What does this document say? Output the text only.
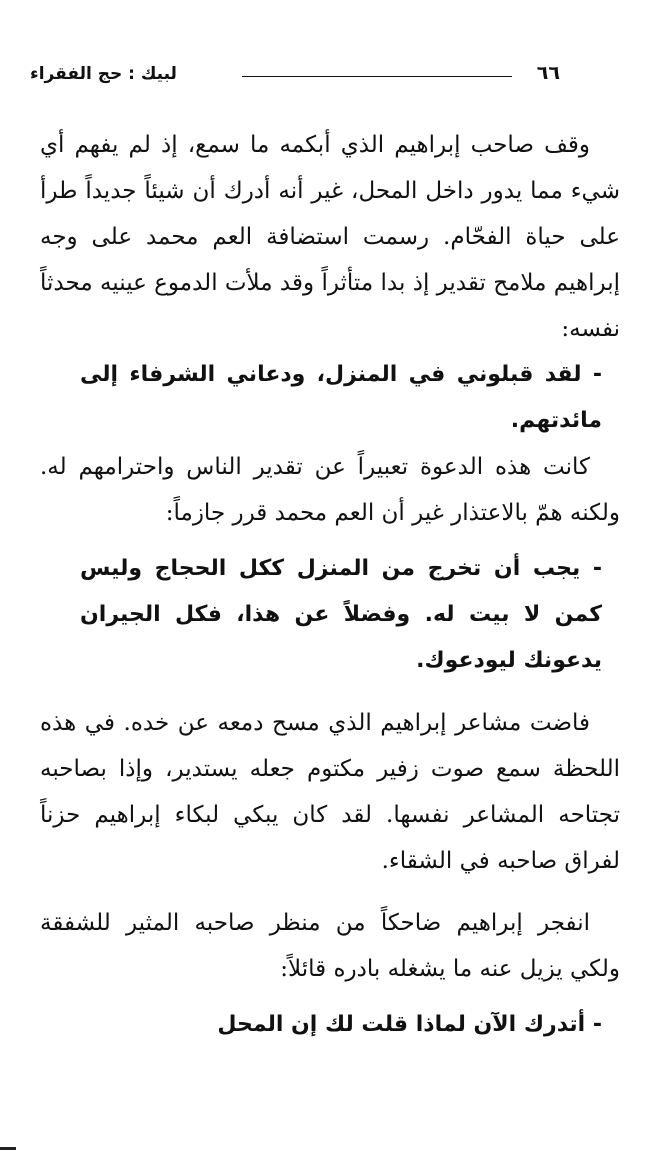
٦٦
لبيك : حج الفقراء

وقف صاحب إبراهيم الذي أبكمه ما سمع، إذ لم يفهم أي شيء مما يدور داخل المحل، غير أنه أدرك أن شيئاً جديداً طرأ على حياة الفحّام. رسمت استضافة العم محمد على وجه إبراهيم ملامح تقدير إذ بدا متأثراً وقد ملأت الدموع عينيه محدثاً نفسه:

- لقد قبلوني في المنزل، ودعاني الشرفاء إلى مائدتهم.

كانت هذه الدعوة تعبيراً عن تقدير الناس واحترامهم له. ولكنه همّ بالاعتذار غير أن العم محمد قرر جازماً:

- يجب أن تخرج من المنزل ككل الحجاج وليس كمن لا بيت له. وفضلاً عن هذا، فكل الجيران يدعونك ليودعوك.

فاضت مشاعر إبراهيم الذي مسح دمعه عن خده. في هذه اللحظة سمع صوت زفير مكتوم جعله يستدير، وإذا بصاحبه تجتاحه المشاعر نفسها. لقد كان يبكي لبكاء إبراهيم حزناً لفراق صاحبه في الشقاء.

انفجر إبراهيم ضاحكاً من منظر صاحبه المثير للشفقة ولكي يزيل عنه ما يشغله بادره قائلاً:

- أتدرك الآن لماذا قلت لك إن المحل
